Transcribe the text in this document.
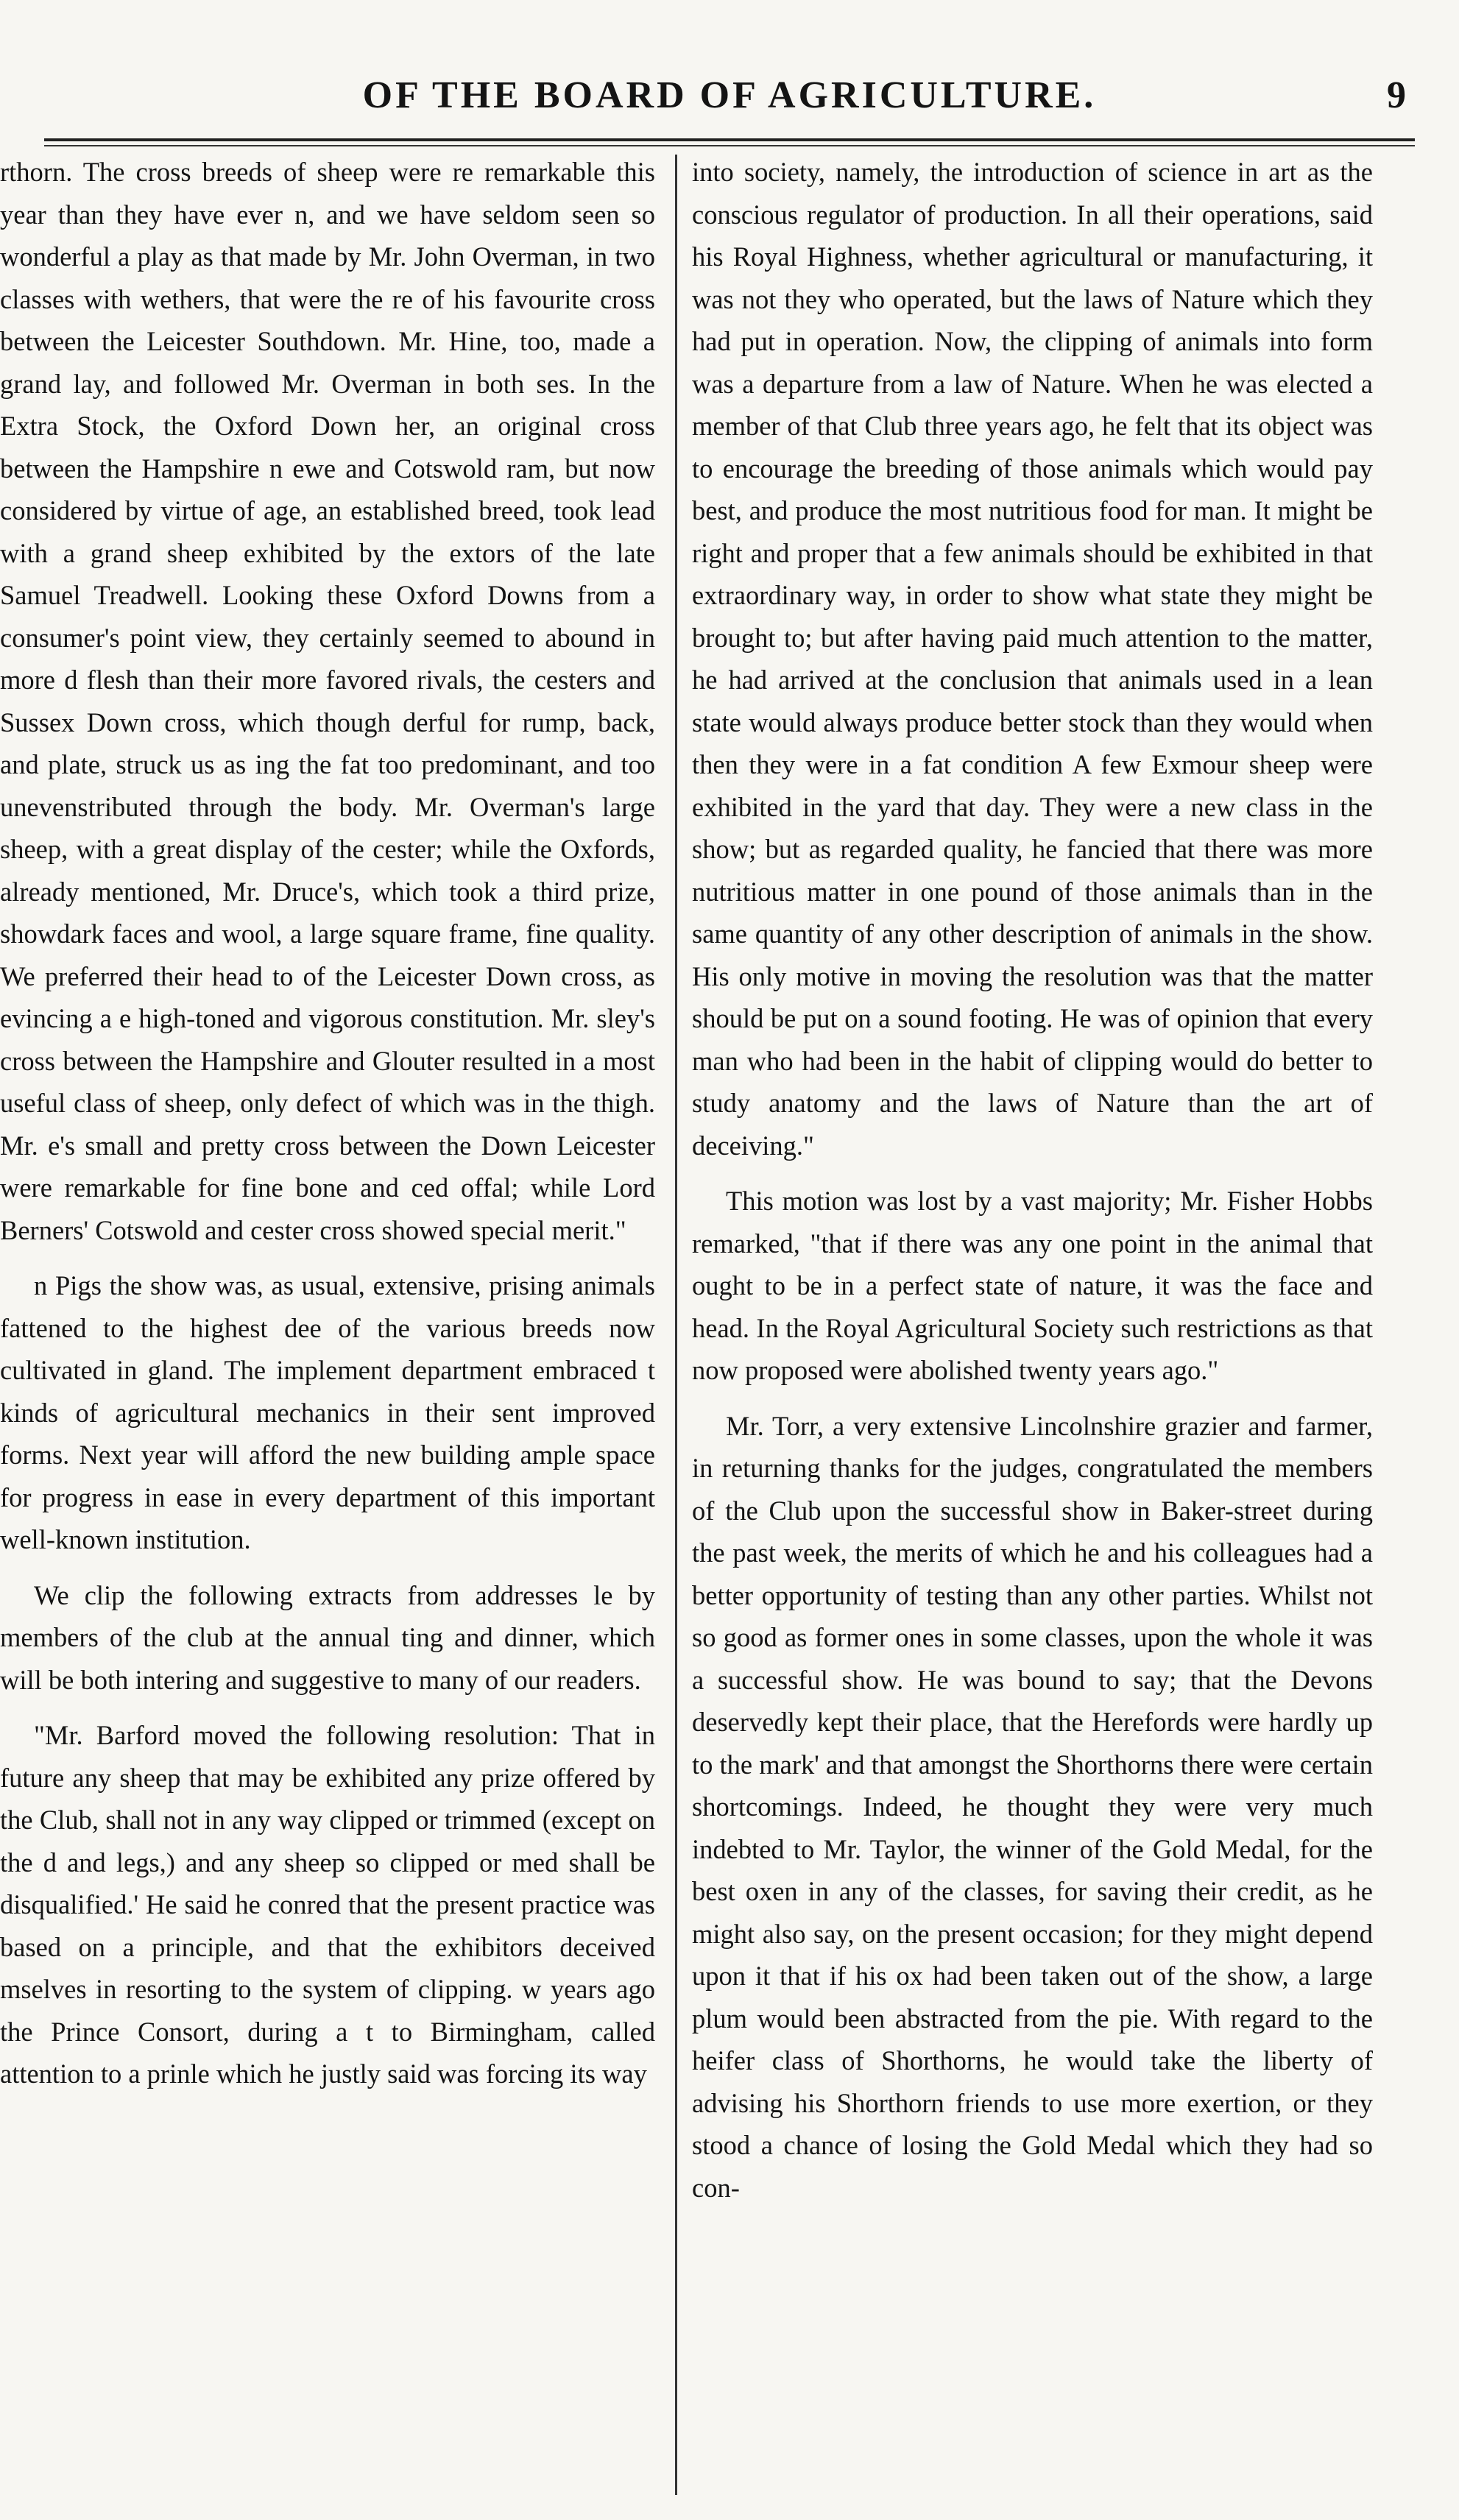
OF THE BOARD OF AGRICULTURE.	9

rthorn. The cross breeds of sheep were re remarkable this year than they have ever n, and we have seldom seen so wonderful a play as that made by Mr. John Overman, in two classes with wethers, that were the re of his favourite cross between the Leicester Southdown. Mr. Hine, too, made a grand lay, and followed Mr. Overman in both ses. In the Extra Stock, the Oxford Down her, an original cross between the Hampshire n ewe and Cotswold ram, but now considered by virtue of age, an established breed, took lead with a grand sheep exhibited by the extors of the late Samuel Treadwell. Looking these Oxford Downs from a consumer's point view, they certainly seemed to abound in more d flesh than their more favored rivals, the cesters and Sussex Down cross, which though derful for rump, back, and plate, struck us as ing the fat too predominant, and too unevenstributed through the body. Mr. Overman's large sheep, with a great display of the cester; while the Oxfords, already mentioned, Mr. Druce's, which took a third prize, showdark faces and wool, a large square frame, fine quality. We preferred their head to of the Leicester Down cross, as evincing a e high-toned and vigorous constitution. Mr. sley's cross between the Hampshire and Glouter resulted in a most useful class of sheep, only defect of which was in the thigh. Mr. e's small and pretty cross between the Down Leicester were remarkable for fine bone and ced offal; while Lord Berners' Cotswold and cester cross showed special merit."

n Pigs the show was, as usual, extensive, prising animals fattened to the highest dee of the various breeds now cultivated in gland. The implement department embraced t kinds of agricultural mechanics in their sent improved forms. Next year will afford the new building ample space for progress in ease in every department of this important well-known institution.

We clip the following extracts from addresses le by members of the club at the annual ting and dinner, which will be both intering and suggestive to many of our readers.

"Mr. Barford moved the following resolution: That in future any sheep that may be exhibited any prize offered by the Club, shall not in any way clipped or trimmed (except on the d and legs,) and any sheep so clipped or med shall be disqualified.' He said he conred that the present practice was based on a principle, and that the exhibitors deceived mselves in resorting to the system of clipping. w years ago the Prince Consort, during a t to Birmingham, called attention to a prinle which he justly said was forcing its way

into society, namely, the introduction of science in art as the conscious regulator of production. In all their operations, said his Royal Highness, whether agricultural or manufacturing, it was not they who operated, but the laws of Nature which they had put in operation. Now, the clipping of animals into form was a departure from a law of Nature. When he was elected a member of that Club three years ago, he felt that its object was to encourage the breeding of those animals which would pay best, and produce the most nutritious food for man. It might be right and proper that a few animals should be exhibited in that extraordinary way, in order to show what state they might be brought to; but after having paid much attention to the matter, he had arrived at the conclusion that animals used in a lean state would always produce better stock than they would when then they were in a fat condition A few Exmour sheep were exhibited in the yard that day. They were a new class in the show; but as regarded quality, he fancied that there was more nutritious matter in one pound of those animals than in the same quantity of any other description of animals in the show. His only motive in moving the resolution was that the matter should be put on a sound footing. He was of opinion that every man who had been in the habit of clipping would do better to study anatomy and the laws of Nature than the art of deceiving."

This motion was lost by a vast majority; Mr. Fisher Hobbs remarked, "that if there was any one point in the animal that ought to be in a perfect state of nature, it was the face and head. In the Royal Agricultural Society such restrictions as that now proposed were abolished twenty years ago."

Mr. Torr, a very extensive Lincolnshire grazier and farmer, in returning thanks for the judges, congratulated the members of the Club upon the successful show in Baker-street during the past week, the merits of which he and his colleagues had a better opportunity of testing than any other parties. Whilst not so good as former ones in some classes, upon the whole it was a successful show. He was bound to say; that the Devons deservedly kept their place, that the Herefords were hardly up to the mark' and that amongst the Shorthorns there were certain shortcomings. Indeed, he thought they were very much indebted to Mr. Taylor, the winner of the Gold Medal, for the best oxen in any of the classes, for saving their credit, as he might also say, on the present occasion; for they might depend upon it that if his ox had been taken out of the show, a large plum would been abstracted from the pie. With regard to the heifer class of Shorthorns, he would take the liberty of advising his Shorthorn friends to use more exertion, or they stood a chance of losing the Gold Medal which they had so con-
